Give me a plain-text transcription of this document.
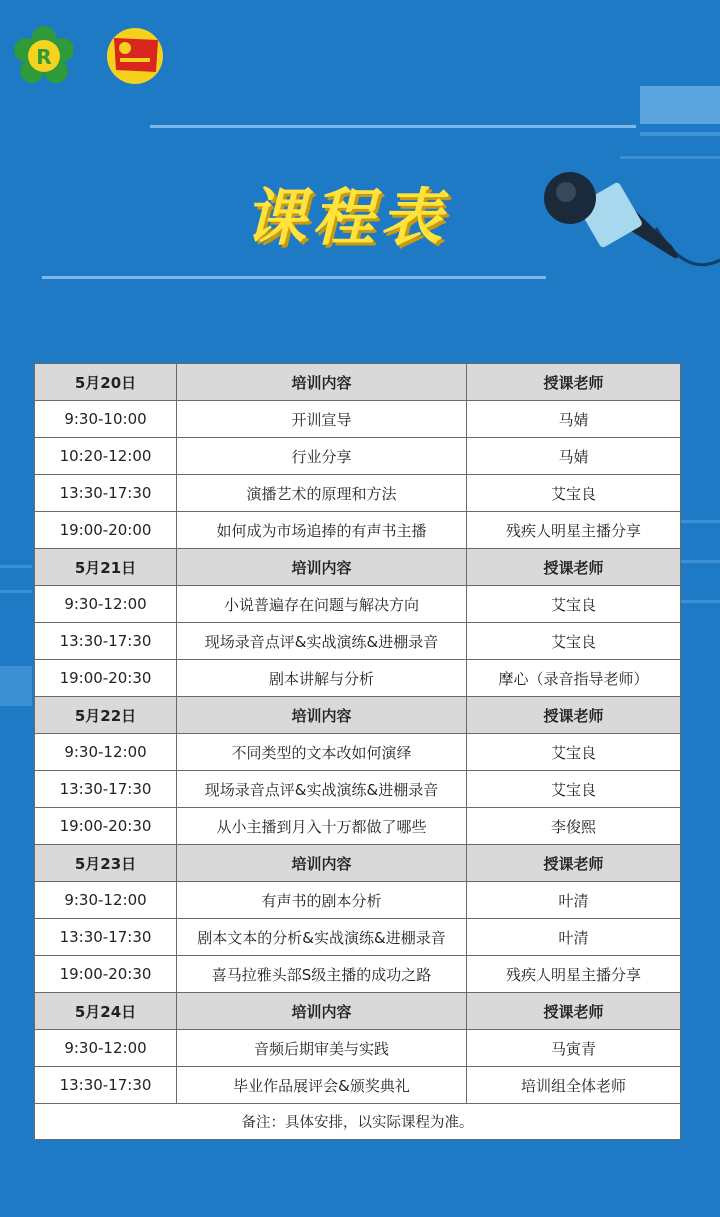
R
课程表
5月20日	培训内容	授课老师
9:30-10:00	开训宣导	马婧
10:20-12:00	行业分享	马婧
13:30-17:30	演播艺术的原理和方法	艾宝良
19:00-20:00	如何成为市场追捧的有声书主播	残疾人明星主播分享
5月21日	培训内容	授课老师
9:30-12:00	小说普遍存在问题与解决方向	艾宝良
13:30-17:30	现场录音点评&实战演练&进棚录音	艾宝良
19:00-20:30	剧本讲解与分析	摩心（录音指导老师）
5月22日	培训内容	授课老师
9:30-12:00	不同类型的文本改如何演绎	艾宝良
13:30-17:30	现场录音点评&实战演练&进棚录音	艾宝良
19:00-20:30	从小主播到月入十万都做了哪些	李俊熙
5月23日	培训内容	授课老师
9:30-12:00	有声书的剧本分析	叶清
13:30-17:30	剧本文本的分析&实战演练&进棚录音	叶清
19:00-20:30	喜马拉雅头部S级主播的成功之路	残疾人明星主播分享
5月24日	培训内容	授课老师
9:30-12:00	音频后期审美与实践	马寅青
13:30-17:30	毕业作品展评会&颁奖典礼	培训组全体老师
备注：具体安排，以实际课程为准。		
